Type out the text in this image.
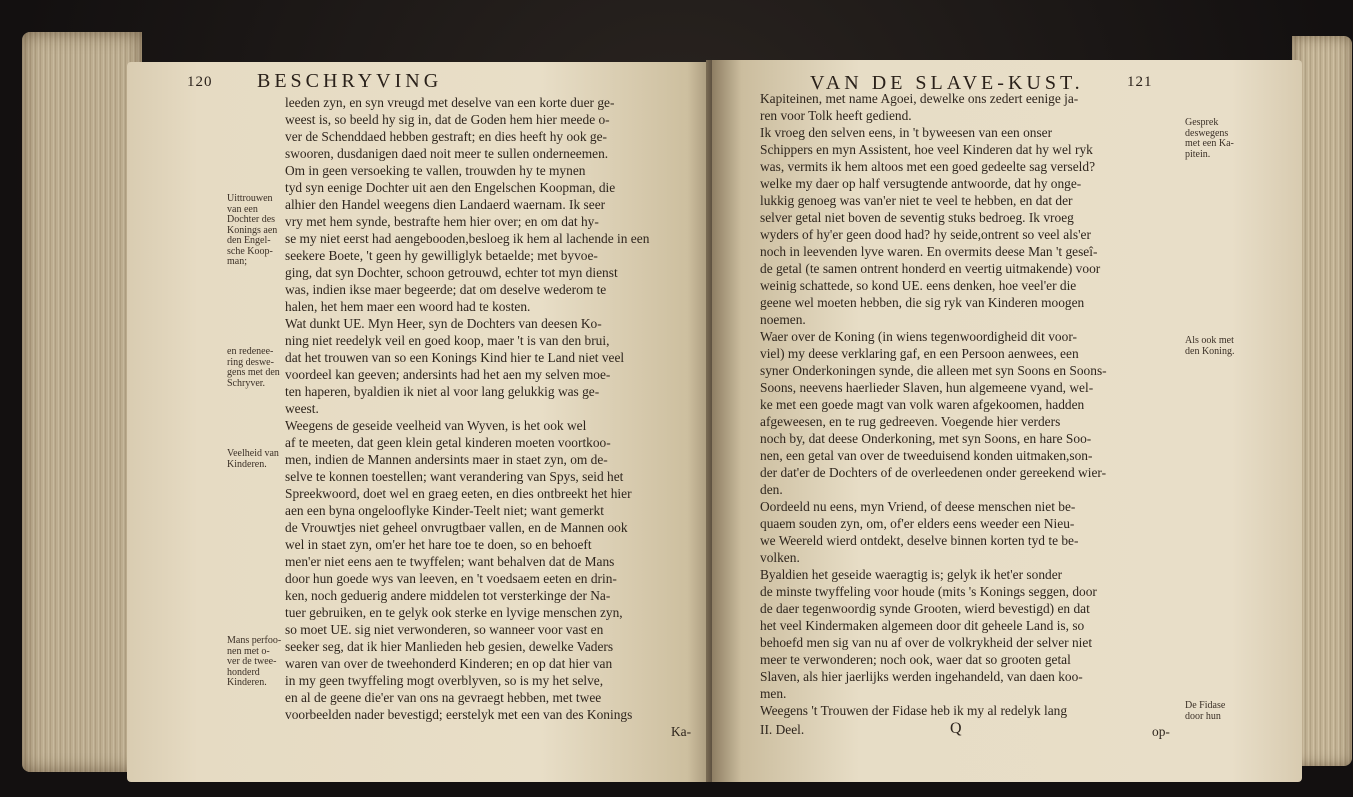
120 BESCHRYVING
leeden zyn, en syn vreugd met deselve van een korte duer ge-
weest is, so beeld hy sig in, dat de Goden hem hier meede o-
ver de Schenddaed hebben gestraft; en dies heeft hy ook ge-
swooren, dusdanigen daed noit meer te sullen onderneemen.
Om in geen versoeking te vallen, trouwden hy te mynen
tyd syn eenige Dochter uit aen den Engelschen Koopman, die
alhier den Handel weegens dien Landaerd waernam. Ik seer
vry met hem synde, bestrafte hem hier over; en om dat hy-
se my niet eerst had aengebooden,besloeg ik hem al lachende in een
seekere Boete, 't geen hy gewilliglyk betaelde; met byvoe-
ging, dat syn Dochter, schoon getrouwd, echter tot myn dienst
was, indien ikse maer begeerde; dat om deselve wederom te
halen, het hem maer een woord had te kosten.
Wat dunkt UE. Myn Heer, syn de Dochters van deesen Ko-
ning niet reedelyk veil en goed koop, maer 't is van den brui,
dat het trouwen van so een Konings Kind hier te Land niet veel
voordeel kan geeven; andersints had het aen my selven moe-
ten haperen, byaldien ik niet al voor lang gelukkig was ge-
weest.
Weegens de geseide veelheid van Wyven, is het ook wel
af te meeten, dat geen klein getal kinderen moeten voortkoo-
men, indien de Mannen andersints maer in staet zyn, om de-
selve te konnen toestellen; want verandering van Spys, seid het
Spreekwoord, doet wel en graeg eeten, en dies ontbreekt het hier
aen een byna ongelooflyke Kinder-Teelt niet; want gemerkt
de Vrouwtjes niet geheel onvrugtbaer vallen, en de Mannen ook
wel in staet zyn, om'er het hare toe te doen, so en behoeft
men'er niet eens aen te twyffelen; want behalven dat de Mans
door hun goede wys van leeven, en 't voedsaem eeten en drin-
ken, noch geduerig andere middelen tot versterkinge der Na-
tuer gebruiken, en te gelyk ook sterke en lyvige menschen zyn,
so moet UE. sig niet verwonderen, so wanneer voor vast en
seeker seg, dat ik hier Manlieden heb gesien, dewelke Vaders
waren van over de tweehonderd Kinderen; en op dat hier van
in my geen twyffeling mogt overblyven, so is my het selve,
en al de geene die'er van ons na gevraegt hebben, met twee
voorbeelden nader bevestigd; eerstelyk met een van des Konings
Ka-
Uittrouwen
van een
Dochter des
Konings aen
den Engel-
sche Koop-
man;
en redenee-
ring deswe-
gens met den
Schryver.
Veelheid van
Kinderen.
Mans perfoo-
nen met o-
ver de twee-
honderd
Kinderen.
VAN DE SLAVE-KUST.	121
Kapiteinen, met name Agoei, dewelke ons zedert eenige ja-
ren voor Tolk heeft gediend.
Ik vroeg den selven eens, in 't byweesen van een onser
Schippers en myn Assistent, hoe veel Kinderen dat hy wel ryk
was, vermits ik hem altoos met een goed gedeelte sag verseld?
welke my daer op half versugtende antwoorde, dat hy onge-
lukkig genoeg was van'er niet te veel te hebben, en dat der
selver getal niet boven de seventig stuks bedroeg. Ik vroeg
wyders of hy'er geen dood had? hy seide,ontrent so veel als'er
noch in leevenden lyve waren. En overmits deese Man 't geseî-
de getal (te samen ontrent honderd en veertig uitmakende) voor
weinig schattede, so kond UE. eens denken, hoe veel'er die
geene wel moeten hebben, die sig ryk van Kinderen moogen
noemen.
Waer over de Koning (in wiens tegenwoordigheid dit voor-
viel) my deese verklaring gaf, en een Persoon aenwees, een
syner Onderkoningen synde, die alleen met syn Soons en Soons-
Soons, neevens haerlieder Slaven, hun algemeene vyand, wel-
ke met een goede magt van volk waren afgekoomen, hadden
afgeweesen, en te rug gedreeven. Voegende hier verders
noch by, dat deese Onderkoning, met syn Soons, en hare Soo-
nen, een getal van over de tweeduisend konden uitmaken,son-
der dat'er de Dochters of de overleedenen onder gereekend wier-
den.
Oordeeld nu eens, myn Vriend, of deese menschen niet be-
quaem souden zyn, om, of'er elders eens weeder een Nieu-
we Weereld wierd ontdekt, deselve binnen korten tyd te be-
volken.
Byaldien het geseide waeragtig is; gelyk ik het'er sonder
de minste twyffeling voor houde (mits 's Konings seggen, door
de daer tegenwoordig synde Grooten, wierd bevestigd) en dat
het veel Kindermaken algemeen door dit geheele Land is, so
behoefd men sig van nu af over de volkrykheid der selver niet
meer te verwonderen; noch ook, waer dat so grooten getal
Slaven, als hier jaerlijks werden ingehandeld, van daen koo-
men.
Weegens 't Trouwen der Fidase heb ik my al redelyk lang
II. Deel.	Q	op-
Gesprek
deswegens
met een Ka-
pitein.
Als ook met
den Koning.
De Fidase
door hun
